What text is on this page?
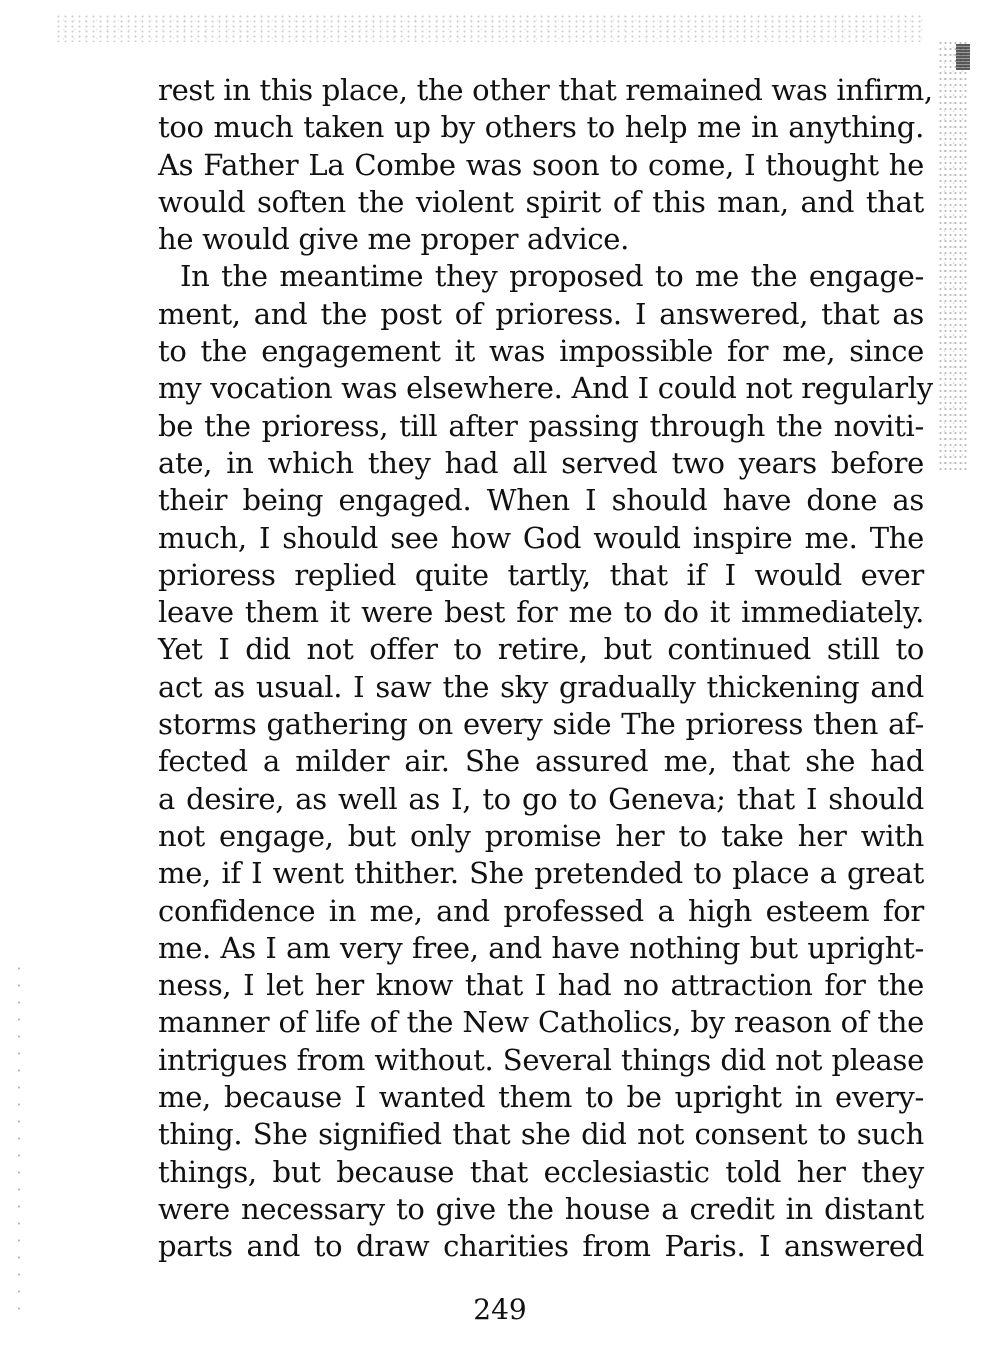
rest in this place, the other that remained was infirm,
too much taken up by others to help me in anything.
As Father La Combe was soon to come, I thought he
would soften the violent spirit of this man, and that
he would give me proper advice.
In the meantime they proposed to me the engage-
ment, and the post of prioress. I answered, that as
to the engagement it was impossible for me, since
my vocation was elsewhere. And I could not regularly
be the prioress, till after passing through the noviti-
ate, in which they had all served two years before
their being engaged. When I should have done as
much, I should see how God would inspire me. The
prioress replied quite tartly, that if I would ever
leave them it were best for me to do it immediately.
Yet I did not offer to retire, but continued still to
act as usual. I saw the sky gradually thickening and
storms gathering on every side The prioress then af-
fected a milder air. She assured me, that she had
a desire, as well as I, to go to Geneva; that I should
not engage, but only promise her to take her with
me, if I went thither. She pretended to place a great
confidence in me, and professed a high esteem for
me. As I am very free, and have nothing but upright-
ness, I let her know that I had no attraction for the
manner of life of the New Catholics, by reason of the
intrigues from without. Several things did not please
me, because I wanted them to be upright in every-
thing. She signified that she did not consent to such
things, but because that ecclesiastic told her they
were necessary to give the house a credit in distant
parts and to draw charities from Paris. I answered
249
